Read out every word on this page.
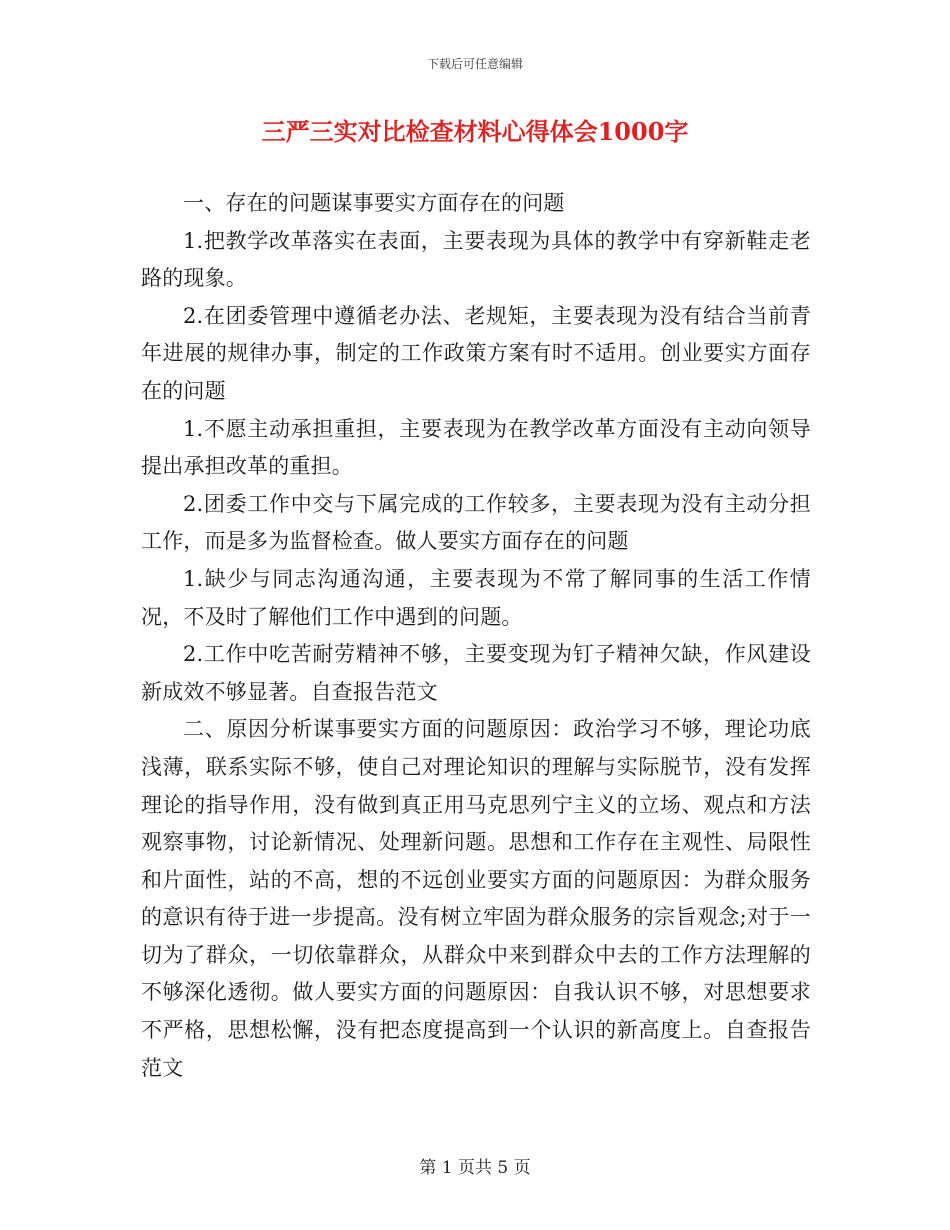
下载后可任意编辑
三严三实对比检查材料心得体会1000字

一、存在的问题谋事要实方面存在的问题

1.把教学改革落实在表面，主要表现为具体的教学中有穿新鞋走老路的现象。

2.在团委管理中遵循老办法、老规矩，主要表现为没有结合当前青年进展的规律办事，制定的工作政策方案有时不适用。创业要实方面存在的问题

1.不愿主动承担重担，主要表现为在教学改革方面没有主动向领导提出承担改革的重担。

2.团委工作中交与下属完成的工作较多，主要表现为没有主动分担工作，而是多为监督检查。做人要实方面存在的问题

1.缺少与同志沟通沟通，主要表现为不常了解同事的生活工作情况，不及时了解他们工作中遇到的问题。

2.工作中吃苦耐劳精神不够，主要变现为钉子精神欠缺，作风建设新成效不够显著。自查报告范文

二、原因分析谋事要实方面的问题原因：政治学习不够，理论功底浅薄，联系实际不够，使自己对理论知识的理解与实际脱节，没有发挥理论的指导作用，没有做到真正用马克思列宁主义的立场、观点和方法观察事物，讨论新情况、处理新问题。思想和工作存在主观性、局限性和片面性，站的不高，想的不远创业要实方面的问题原因：为群众服务的意识有待于进一步提高。没有树立牢固为群众服务的宗旨观念;对于一切为了群众，一切依靠群众，从群众中来到群众中去的工作方法理解的不够深化透彻。做人要实方面的问题原因：自我认识不够，对思想要求不严格，思想松懈，没有把态度提高到一个认识的新高度上。自查报告范文

第 1 页共 5 页
